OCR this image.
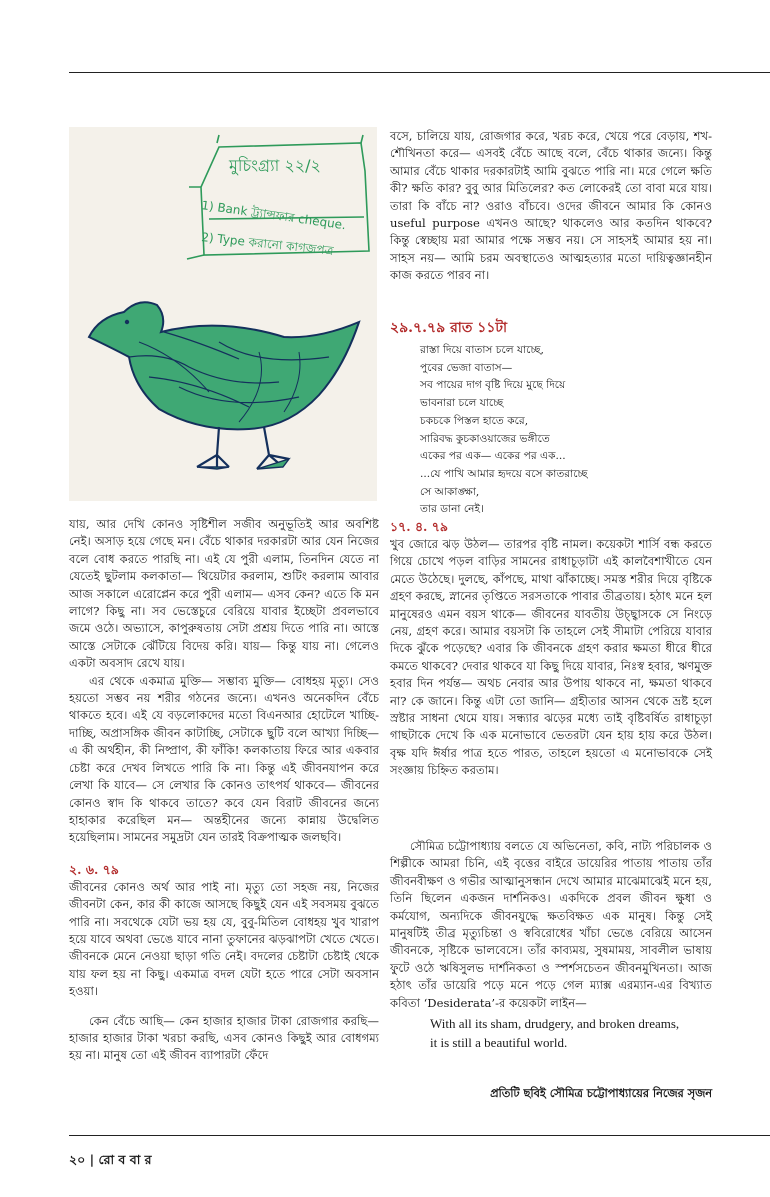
মুচিংগ্র্যা ২২/২
1) Bank ট্র্যান্সফার cheque.
2) Type করানো কাগজপত্র-

বসে, চালিয়ে যায়, রোজগার করে, খরচ করে, খেয়ে পরে বেড়ায়, শখ-শৌখিনতা করে— এসবই বেঁচে আছে বলে, বেঁচে থাকার জন্যে। কিন্তু আমার বেঁচে থাকার দরকারটাই আমি বুঝতে পারি না। মরে গেলে ক্ষতি কী? ক্ষতি কার? বুবু আর মিতিলের? কত লোকেরই তো বাবা মরে যায়। তারা কি বাঁচে না? ওরাও বাঁচবে। ওদের জীবনে আমার কি কোনও useful purpose এখনও আছে? থাকলেও আর কতদিন থাকবে? কিন্তু স্বেচ্ছায় মরা আমার পক্ষে সম্ভব নয়। সে সাহসই আমার হয় না। সাহস নয়— আমি চরম অবস্থাতেও আত্মহত্যার মতো দায়িত্বজ্ঞানহীন কাজ করতে পারব না।

২৯.৭.৭৯ রাত ১১টা

রাস্তা দিয়ে বাতাস চলে যাচ্ছে,
পুবের ভেজা বাতাস—
সব পায়ের দাগ বৃষ্টি দিয়ে মুছে দিয়ে
ভাবনারা চলে যাচ্ছে
চকচকে পিস্তল হাতে করে,
সারিবদ্ধ কুচকাওয়াজের ভঙ্গীতে
একের পর এক— একের পর এক...
...যে পাখি আমার হৃদয়ে বসে কাতরাচ্ছে
সে আকাঙ্ক্ষা,
তার ডানা নেই।

যায়, আর দেখি কোনও সৃষ্টিশীল সজীব অনুভূতিই আর অবশিষ্ট নেই। অসাড় হয়ে গেছে মন। বেঁচে থাকার দরকারটা আর যেন নিজের বলে বোধ করতে পারছি না। এই যে পুরী এলাম, তিনদিন যেতে না যেতেই ছুটলাম কলকাতা— থিয়েটার করলাম, শুটিং করলাম আবার আজ সকালে এরোপ্লেন করে পুরী এলাম— এসব কেন? এতে কি মন লাগে? কিছু না। সব ভেস্তেচুরে বেরিয়ে যাবার ইচ্ছেটা প্রবলভাবে জমে ওঠে। অভ্যাসে, কাপুরুষতায় সেটা প্রশ্রয় দিতে পারি না। আস্তে আস্তে সেটাকে ঝেঁটিয়ে বিদেয় করি। যায়— কিন্তু যায় না। গেলেও একটা অবসাদ রেখে যায়।

এর থেকে একমাত্র মুক্তি— সম্ভাব্য মুক্তি— বোধহয় মৃত্যু। সেও হয়তো সম্ভব নয় শরীর গঠনের জন্যে। এখনও অনেকদিন বেঁচে থাকতে হবে। এই যে বড়লোকদের মতো বিএনআর হোটেলে খাচ্ছি-দাচ্ছি, অপ্রাসঙ্গিক জীবন কাটাচ্ছি, সেটাকে ছুটি বলে আখ্যা দিচ্ছি— এ কী অর্থহীন, কী নিষ্প্রাণ, কী ফাঁকি! কলকাতায় ফিরে আর একবার চেষ্টা করে দেখব লিখতে পারি কি না। কিন্তু এই জীবনযাপন করে লেখা কি যাবে— সে লেখার কি কোনও তাৎপর্য থাকবে— জীবনের কোনও স্বাদ কি থাকবে তাতে? কবে যেন বিরাট জীবনের জন্যে হাহাকার করেছিল মন— অন্তহীনের জন্যে কান্নায় উদ্বেলিত হয়েছিলাম। সামনের সমুদ্রটা যেন তারই বিক্রপাত্মক জলছবি।

২. ৬. ৭৯

জীবনের কোনও অর্থ আর পাই না। মৃত্যু তো সহজ নয়, নিজের জীবনটা কেন, কার কী কাজে আসছে কিছুই যেন এই সবসময় বুঝতে পারি না। সবথেকে যেটা ভয় হয় যে, বুবু-মিতিল বোধহয় খুব খারাপ হয়ে যাবে অথবা ভেঙে যাবে নানা তুফানের ঝড়ঝাপটা খেতে খেতে। জীবনকে মেনে নেওয়া ছাড়া গতি নেই। বদলের চেষ্টাটা চেষ্টাই থেকে যায় ফল হয় না কিছু। একমাত্র বদল যেটা হতে পারে সেটা অবসান হওয়া।

কেন বেঁচে আছি— কেন হাজার হাজার টাকা রোজগার করছি— হাজার হাজার টাকা খরচা করছি, এসব কোনও কিছুই আর বোধগম্য হয় না। মানুষ তো এই জীবন ব্যাপারটা ফেঁদে

১৭. ৪. ৭৯

খুব জোরে ঝড় উঠল— তারপর বৃষ্টি নামল। কয়েকটা শার্সি বন্ধ করতে গিয়ে চোখে পড়ল বাড়ির সামনের রাধাচূড়াটা এই কালবৈশাখীতে যেন মেতে উঠেছে। দুলছে, কাঁপছে, মাথা ঝাঁকাচ্ছে। সমস্ত শরীর দিয়ে বৃষ্টিকে গ্রহণ করছে, স্নানের তৃপ্তিতে সরসতাকে পাবার তীব্রতায়। হঠাৎ মনে হল মানুষেরও এমন বয়স থাকে— জীবনের যাবতীয় উচ্ছ্বাসকে সে নিংড়ে নেয়, গ্রহণ করে। আমার বয়সটা কি তাহলে সেই সীমাটা পেরিয়ে যাবার দিকে ঝুঁকে পড়েছে? এবার কি জীবনকে গ্রহণ করার ক্ষমতা ধীরে ধীরে কমতে থাকবে? দেবার থাকবে যা কিছু দিয়ে যাবার, নিঃস্ব হবার, ঋণমুক্ত হবার দিন পর্যন্ত— অথচ নেবার আর উপায় থাকবে না, ক্ষমতা থাকবে না? কে জানে। কিন্তু এটা তো জানি— গ্রহীতার আসন থেকে ভ্রষ্ট হলে স্রষ্টার সাধনা থেমে যায়। সন্ধ্যার ঝড়ের মধ্যে তাই বৃষ্টিবর্ষিত রাধাচূড়া গাছটাকে দেখে কি এক মনোভাবে ভেতরটা যেন হায় হায় করে উঠল। বৃক্ষ যদি ঈর্ষার পাত্র হতে পারত, তাহলে হয়তো এ মনোভাবকে সেই সংজ্ঞায় চিহ্নিত করতাম।

সৌমিত্র চট্টোপাধ্যায় বলতে যে অভিনেতা, কবি, নাট্য পরিচালক ও শিল্পীকে আমরা চিনি, এই বৃত্তের বাইরে ডায়েরির পাতায় পাতায় তাঁর জীবনবীক্ষণ ও গভীর আত্মানুসন্ধান দেখে আমার মাঝেমাঝেই মনে হয়, তিনি ছিলেন একজন দার্শনিকও। একদিকে প্রবল জীবন ক্ষুধা ও কর্মযোগ, অন্যদিকে জীবনযুদ্ধে ক্ষতবিক্ষত এক মানুষ। কিন্তু সেই মানুষটিই তীব্র মৃত্যুচিন্তা ও স্ববিরোধের খাঁচা ভেঙে বেরিয়ে আসেন জীবনকে, সৃষ্টিকে ভালবেসে। তাঁর কাব্যময়, সুষমাময়, সাবলীল ভাষায় ফুটে ওঠে ঋষিসুলভ দার্শনিকতা ও স্পর্শসচেতন জীবনমুখিনতা। আজ হঠাৎ তাঁর ডায়েরি পড়ে মনে পড়ে গেল ম্যাক্স এরম্যান-এর বিখ্যাত কবিতা ‘Desiderata’-র কয়েকটা লাইন—

With all its sham, drudgery, and broken dreams,
it is still a beautiful world.
প্রতিটি ছবিই সৌমিত্র চট্টোপাধ্যায়ের নিজের সৃজন
২০ | রো ব বা র
